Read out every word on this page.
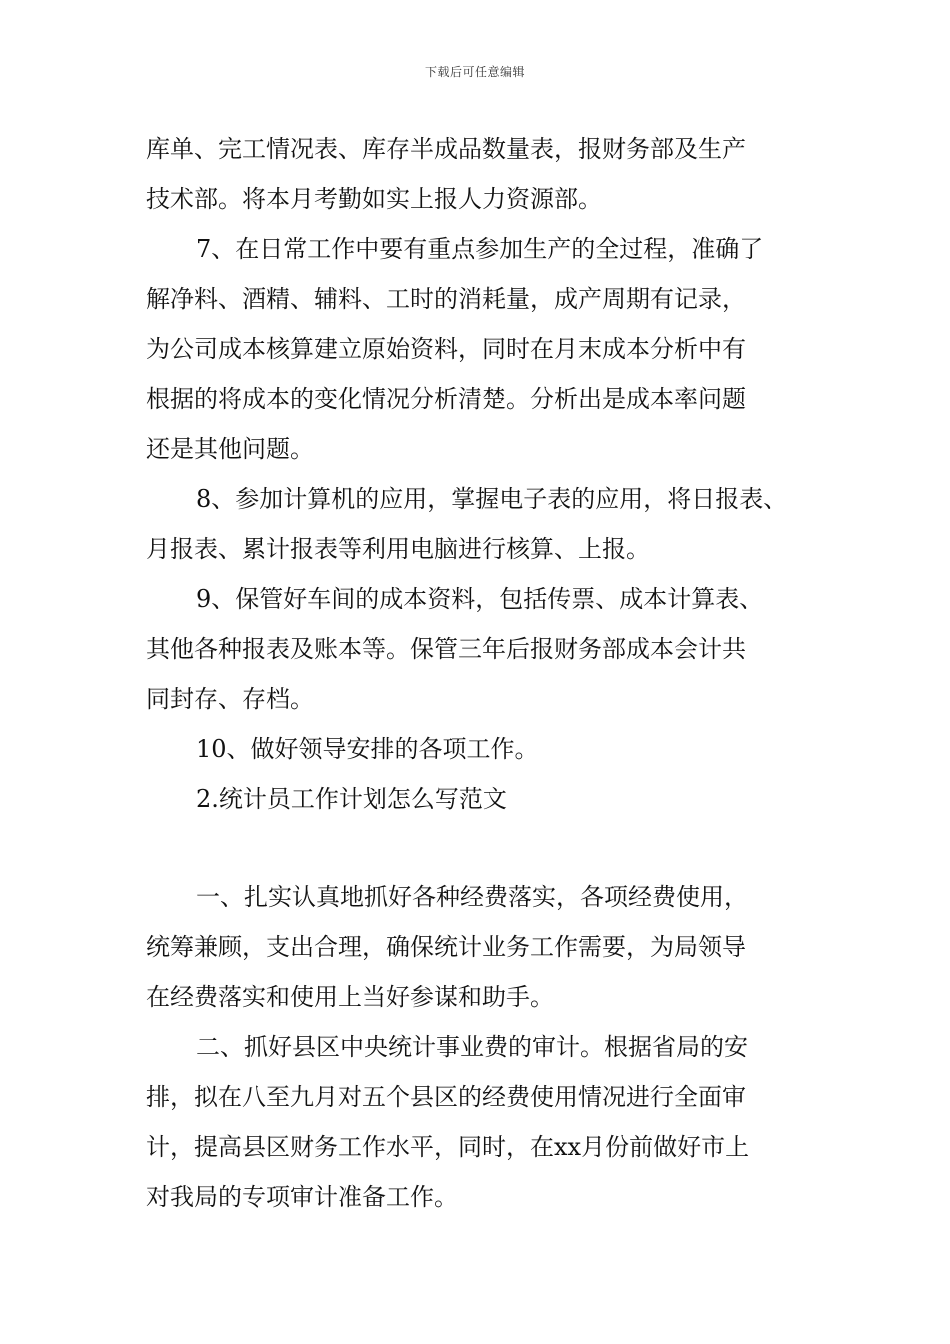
下载后可任意编辑
库单、完工情况表、库存半成品数量表，报财务部及生产
技术部。将本月考勤如实上报人力资源部。
7、在日常工作中要有重点参加生产的全过程，准确了
解净料、酒精、辅料、工时的消耗量，成产周期有记录，
为公司成本核算建立原始资料，同时在月末成本分析中有
根据的将成本的变化情况分析清楚。分析出是成本率问题
还是其他问题。
8、参加计算机的应用，掌握电子表的应用，将日报表、
月报表、累计报表等利用电脑进行核算、上报。
9、保管好车间的成本资料，包括传票、成本计算表、
其他各种报表及账本等。保管三年后报财务部成本会计共
同封存、存档。
10、做好领导安排的各项工作。
2.统计员工作计划怎么写范文
一、扎实认真地抓好各种经费落实，各项经费使用，
统筹兼顾，支出合理，确保统计业务工作需要，为局领导
在经费落实和使用上当好参谋和助手。
二、抓好县区中央统计事业费的审计。根据省局的安
排，拟在八至九月对五个县区的经费使用情况进行全面审
计，提高县区财务工作水平，同时，在xx月份前做好市上
对我局的专项审计准备工作。
